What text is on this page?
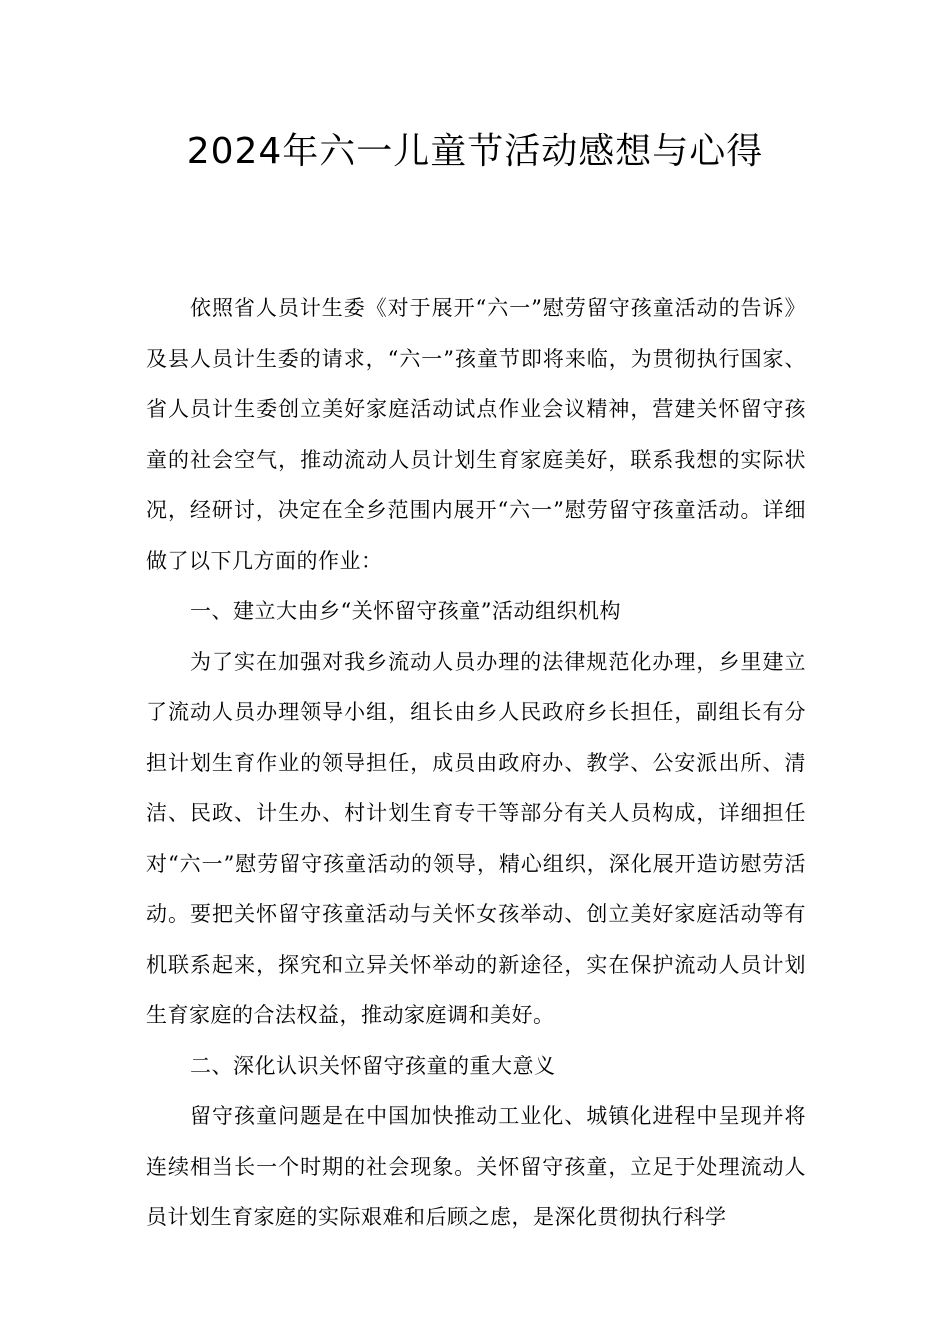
2024年六一儿童节活动感想与心得

依照省人员计生委《对于展开“六一”慰劳留守孩童活动的告诉》及县人员计生委的请求，“六一”孩童节即将来临，为贯彻执行国家、省人员计生委创立美好家庭活动试点作业会议精神，营建关怀留守孩童的社会空气，推动流动人员计划生育家庭美好，联系我想的实际状况，经研讨，决定在全乡范围内展开“六一”慰劳留守孩童活动。详细做了以下几方面的作业：

一、建立大由乡“关怀留守孩童”活动组织机构

为了实在加强对我乡流动人员办理的法律规范化办理，乡里建立了流动人员办理领导小组，组长由乡人民政府乡长担任，副组长有分担计划生育作业的领导担任，成员由政府办、教学、公安派出所、清洁、民政、计生办、村计划生育专干等部分有关人员构成，详细担任对“六一”慰劳留守孩童活动的领导，精心组织，深化展开造访慰劳活动。要把关怀留守孩童活动与关怀女孩举动、创立美好家庭活动等有机联系起来，探究和立异关怀举动的新途径，实在保护流动人员计划生育家庭的合法权益，推动家庭调和美好。

二、深化认识关怀留守孩童的重大意义

留守孩童问题是在中国加快推动工业化、城镇化进程中呈现并将连续相当长一个时期的社会现象。关怀留守孩童，立足于处理流动人员计划生育家庭的实际艰难和后顾之虑，是深化贯彻执行科学
